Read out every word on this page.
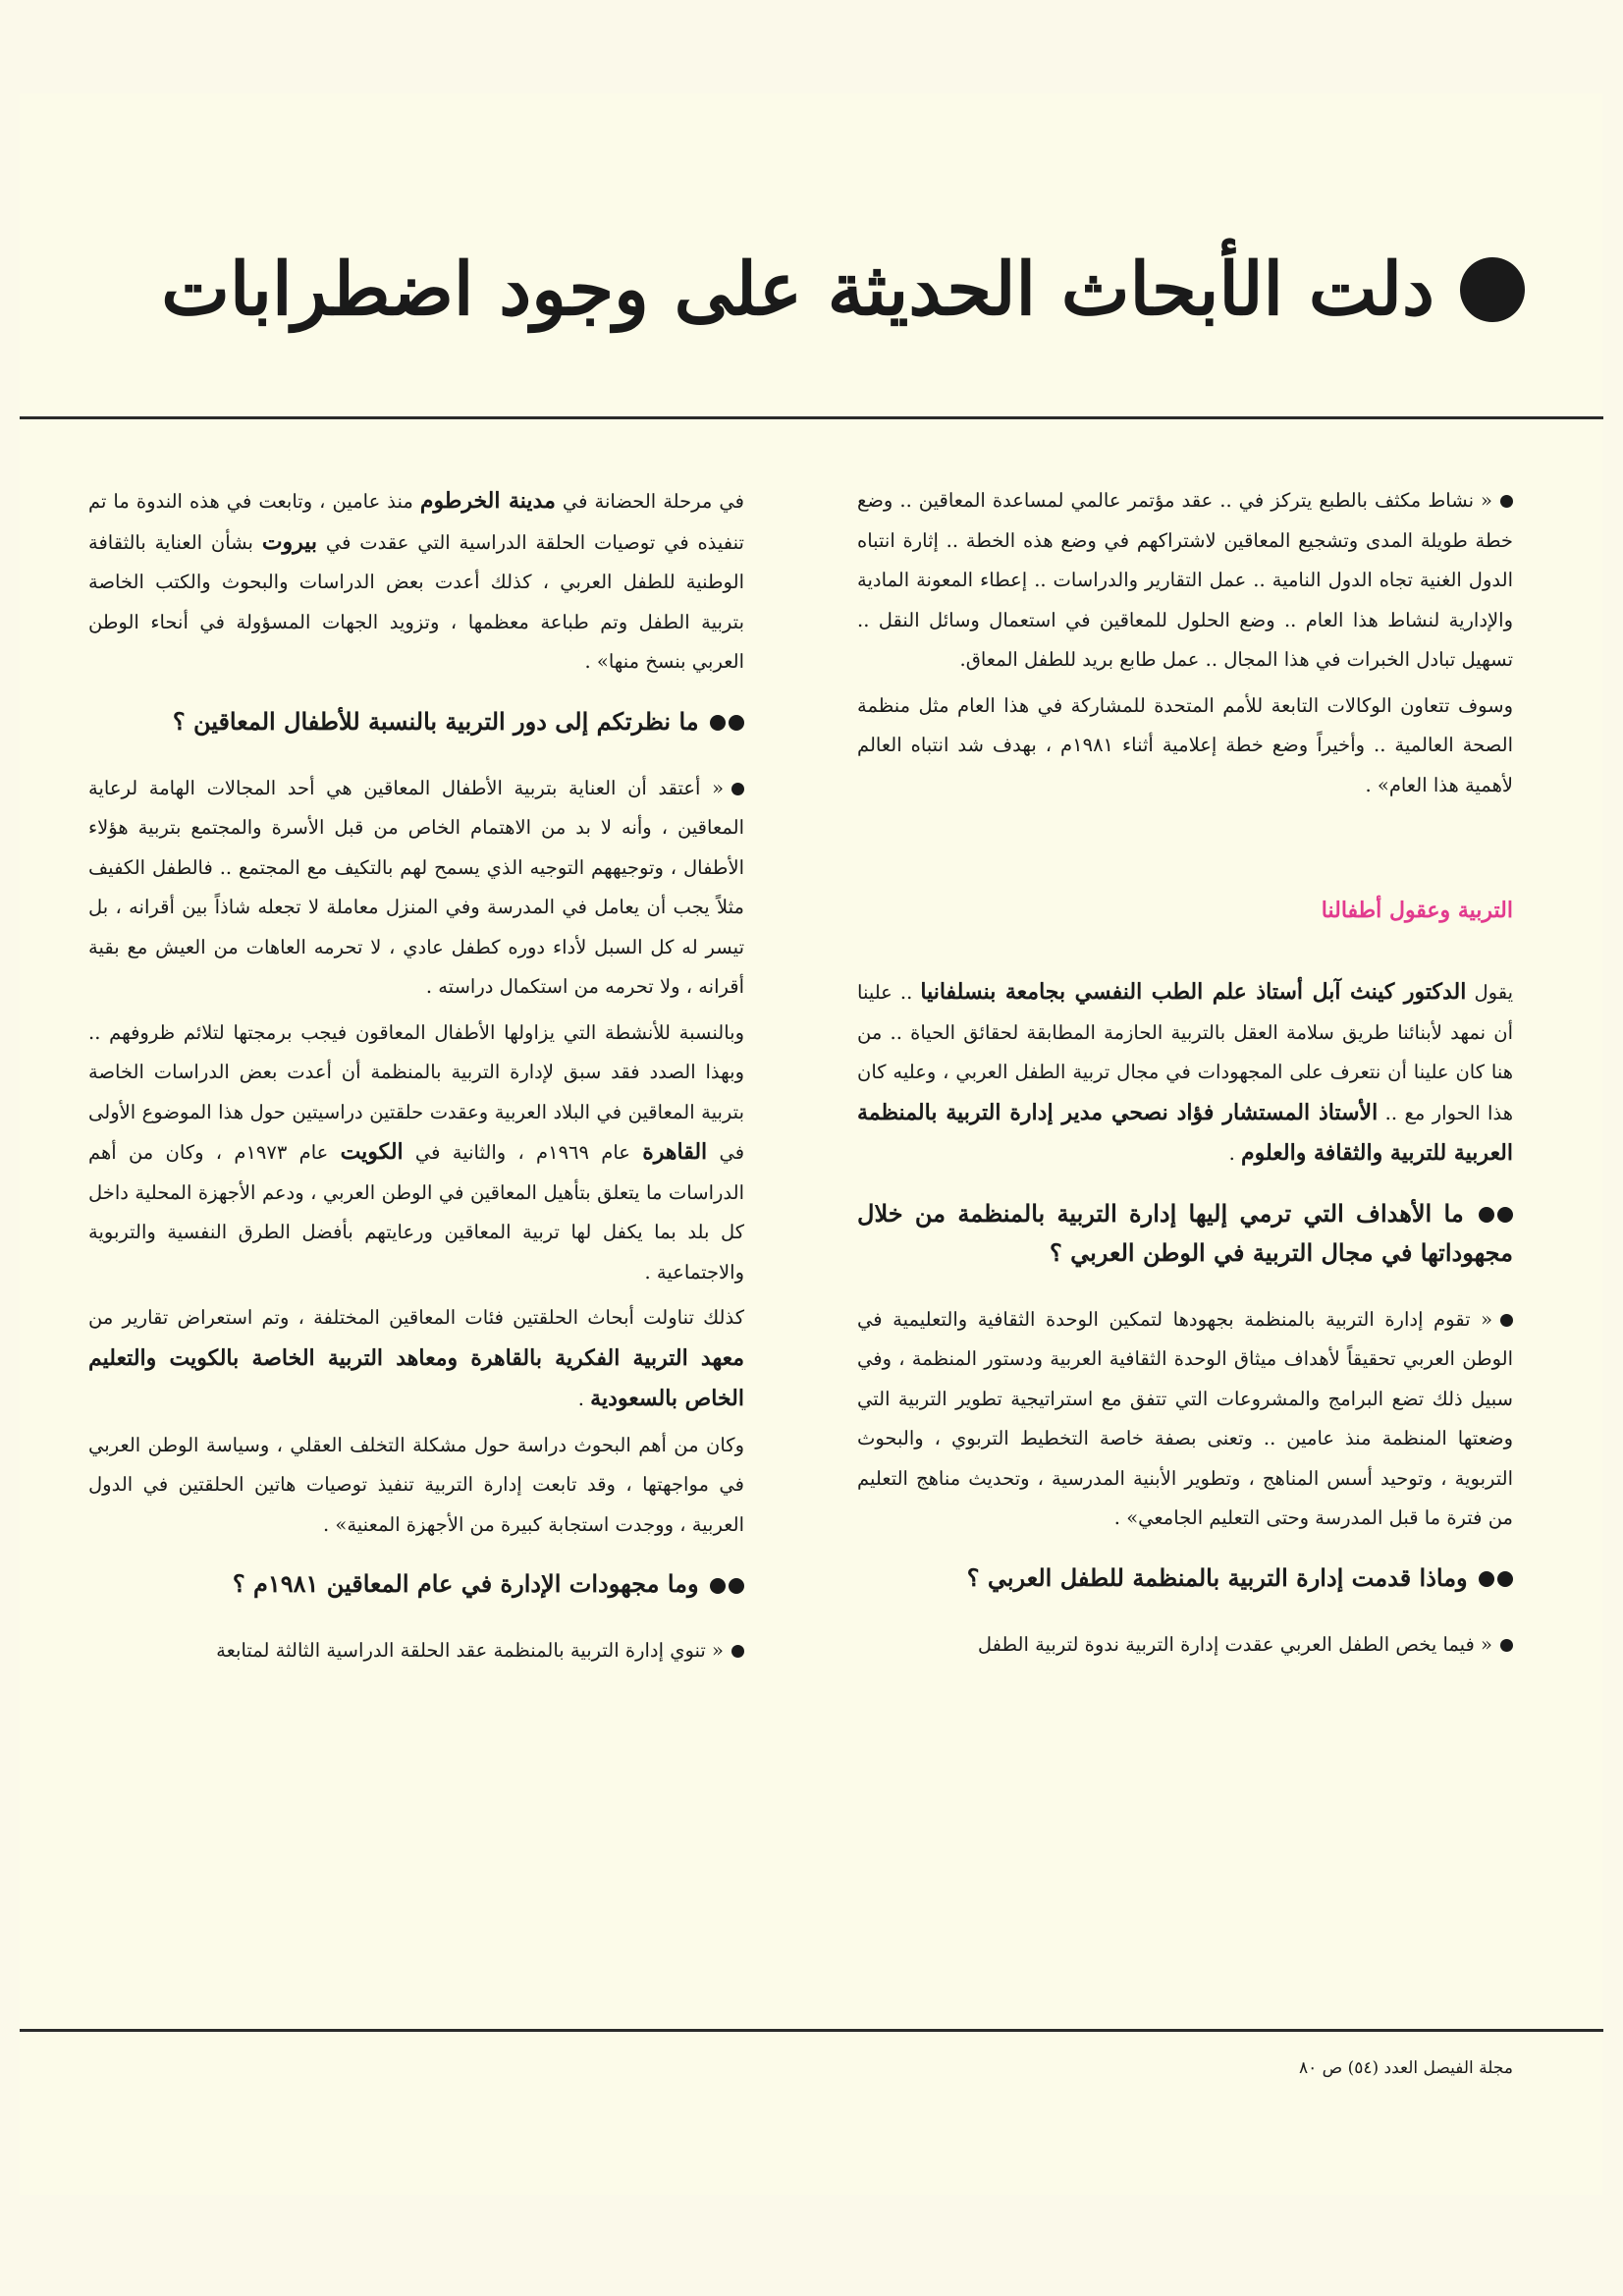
دلت الأبحاث الحديثة على وجود اضطرابات

« نشاط مكثف بالطبع يتركز في .. عقد مؤتمر عالمي لمساعدة المعاقين .. وضع خطة طويلة المدى وتشجيع المعاقين لاشتراكهم في وضع هذه الخطة .. إثارة انتباه الدول الغنية تجاه الدول النامية .. عمل التقارير والدراسات .. إعطاء المعونة المادية والإدارية لنشاط هذا العام .. وضع الحلول للمعاقين في استعمال وسائل النقل .. تسهيل تبادل الخبرات في هذا المجال .. عمل طابع بريد للطفل المعاق.

وسوف تتعاون الوكالات التابعة للأمم المتحدة للمشاركة في هذا العام مثل منظمة الصحة العالمية .. وأخيراً وضع خطة إعلامية أثناء ١٩٨١م ، بهدف شد انتباه العالم لأهمية هذا العام» .

التربية وعقول أطفالنا

يقول الدكتور كينث آبل أستاذ علم الطب النفسي بجامعة بنسلفانيا .. علينا أن نمهد لأبنائنا طريق سلامة العقل بالتربية الحازمة المطابقة لحقائق الحياة .. من هنا كان علينا أن نتعرف على المجهودات في مجال تربية الطفل العربي ، وعليه كان هذا الحوار مع .. الأستاذ المستشار فؤاد نصحي مدير إدارة التربية بالمنظمة العربية للتربية والثقافة والعلوم .

ما الأهداف التي ترمي إليها إدارة التربية بالمنظمة من خلال مجهوداتها في مجال التربية في الوطن العربي ؟

« تقوم إدارة التربية بالمنظمة بجهودها لتمكين الوحدة الثقافية والتعليمية في الوطن العربي تحقيقاً لأهداف ميثاق الوحدة الثقافية العربية ودستور المنظمة ، وفي سبيل ذلك تضع البرامج والمشروعات التي تتفق مع استراتيجية تطوير التربية التي وضعتها المنظمة منذ عامين .. وتعنى بصفة خاصة التخطيط التربوي ، والبحوث التربوية ، وتوحيد أسس المناهج ، وتطوير الأبنية المدرسية ، وتحديث مناهج التعليم من فترة ما قبل المدرسة وحتى التعليم الجامعي» .

وماذا قدمت إدارة التربية بالمنظمة للطفل العربي ؟

« فيما يخص الطفل العربي عقدت إدارة التربية ندوة لتربية الطفل

في مرحلة الحضانة في مدينة الخرطوم منذ عامين ، وتابعت في هذه الندوة ما تم تنفيذه في توصيات الحلقة الدراسية التي عقدت في بيروت بشأن العناية بالثقافة الوطنية للطفل العربي ، كذلك أعدت بعض الدراسات والبحوث والكتب الخاصة بتربية الطفل وتم طباعة معظمها ، وتزويد الجهات المسؤولة في أنحاء الوطن العربي بنسخ منها» .

ما نظرتكم إلى دور التربية بالنسبة للأطفال المعاقين ؟

« أعتقد أن العناية بتربية الأطفال المعاقين هي أحد المجالات الهامة لرعاية المعاقين ، وأنه لا بد من الاهتمام الخاص من قبل الأسرة والمجتمع بتربية هؤلاء الأطفال ، وتوجيههم التوجيه الذي يسمح لهم بالتكيف مع المجتمع .. فالطفل الكفيف مثلاً يجب أن يعامل في المدرسة وفي المنزل معاملة لا تجعله شاذاً بين أقرانه ، بل تيسر له كل السبل لأداء دوره كطفل عادي ، لا تحرمه العاهات من العيش مع بقية أقرانه ، ولا تحرمه من استكمال دراسته .

وبالنسبة للأنشطة التي يزاولها الأطفال المعاقون فيجب برمجتها لتلائم ظروفهم .. وبهذا الصدد فقد سبق لإدارة التربية بالمنظمة أن أعدت بعض الدراسات الخاصة بتربية المعاقين في البلاد العربية وعقدت حلقتين دراسيتين حول هذا الموضوع الأولى في القاهرة عام ١٩٦٩م ، والثانية في الكويت عام ١٩٧٣م ، وكان من أهم الدراسات ما يتعلق بتأهيل المعاقين في الوطن العربي ، ودعم الأجهزة المحلية داخل كل بلد بما يكفل لها تربية المعاقين ورعايتهم بأفضل الطرق النفسية والتربوية والاجتماعية .

كذلك تناولت أبحاث الحلقتين فئات المعاقين المختلفة ، وتم استعراض تقارير من معهد التربية الفكرية بالقاهرة ومعاهد التربية الخاصة بالكويت والتعليم الخاص بالسعودية .

وكان من أهم البحوث دراسة حول مشكلة التخلف العقلي ، وسياسة الوطن العربي في مواجهتها ، وقد تابعت إدارة التربية تنفيذ توصيات هاتين الحلقتين في الدول العربية ، ووجدت استجابة كبيرة من الأجهزة المعنية» .

وما مجهودات الإدارة في عام المعاقين ١٩٨١م ؟

« تنوي إدارة التربية بالمنظمة عقد الحلقة الدراسية الثالثة لمتابعة

مجلة الفيصل العدد (٥٤) ص ٨٠
